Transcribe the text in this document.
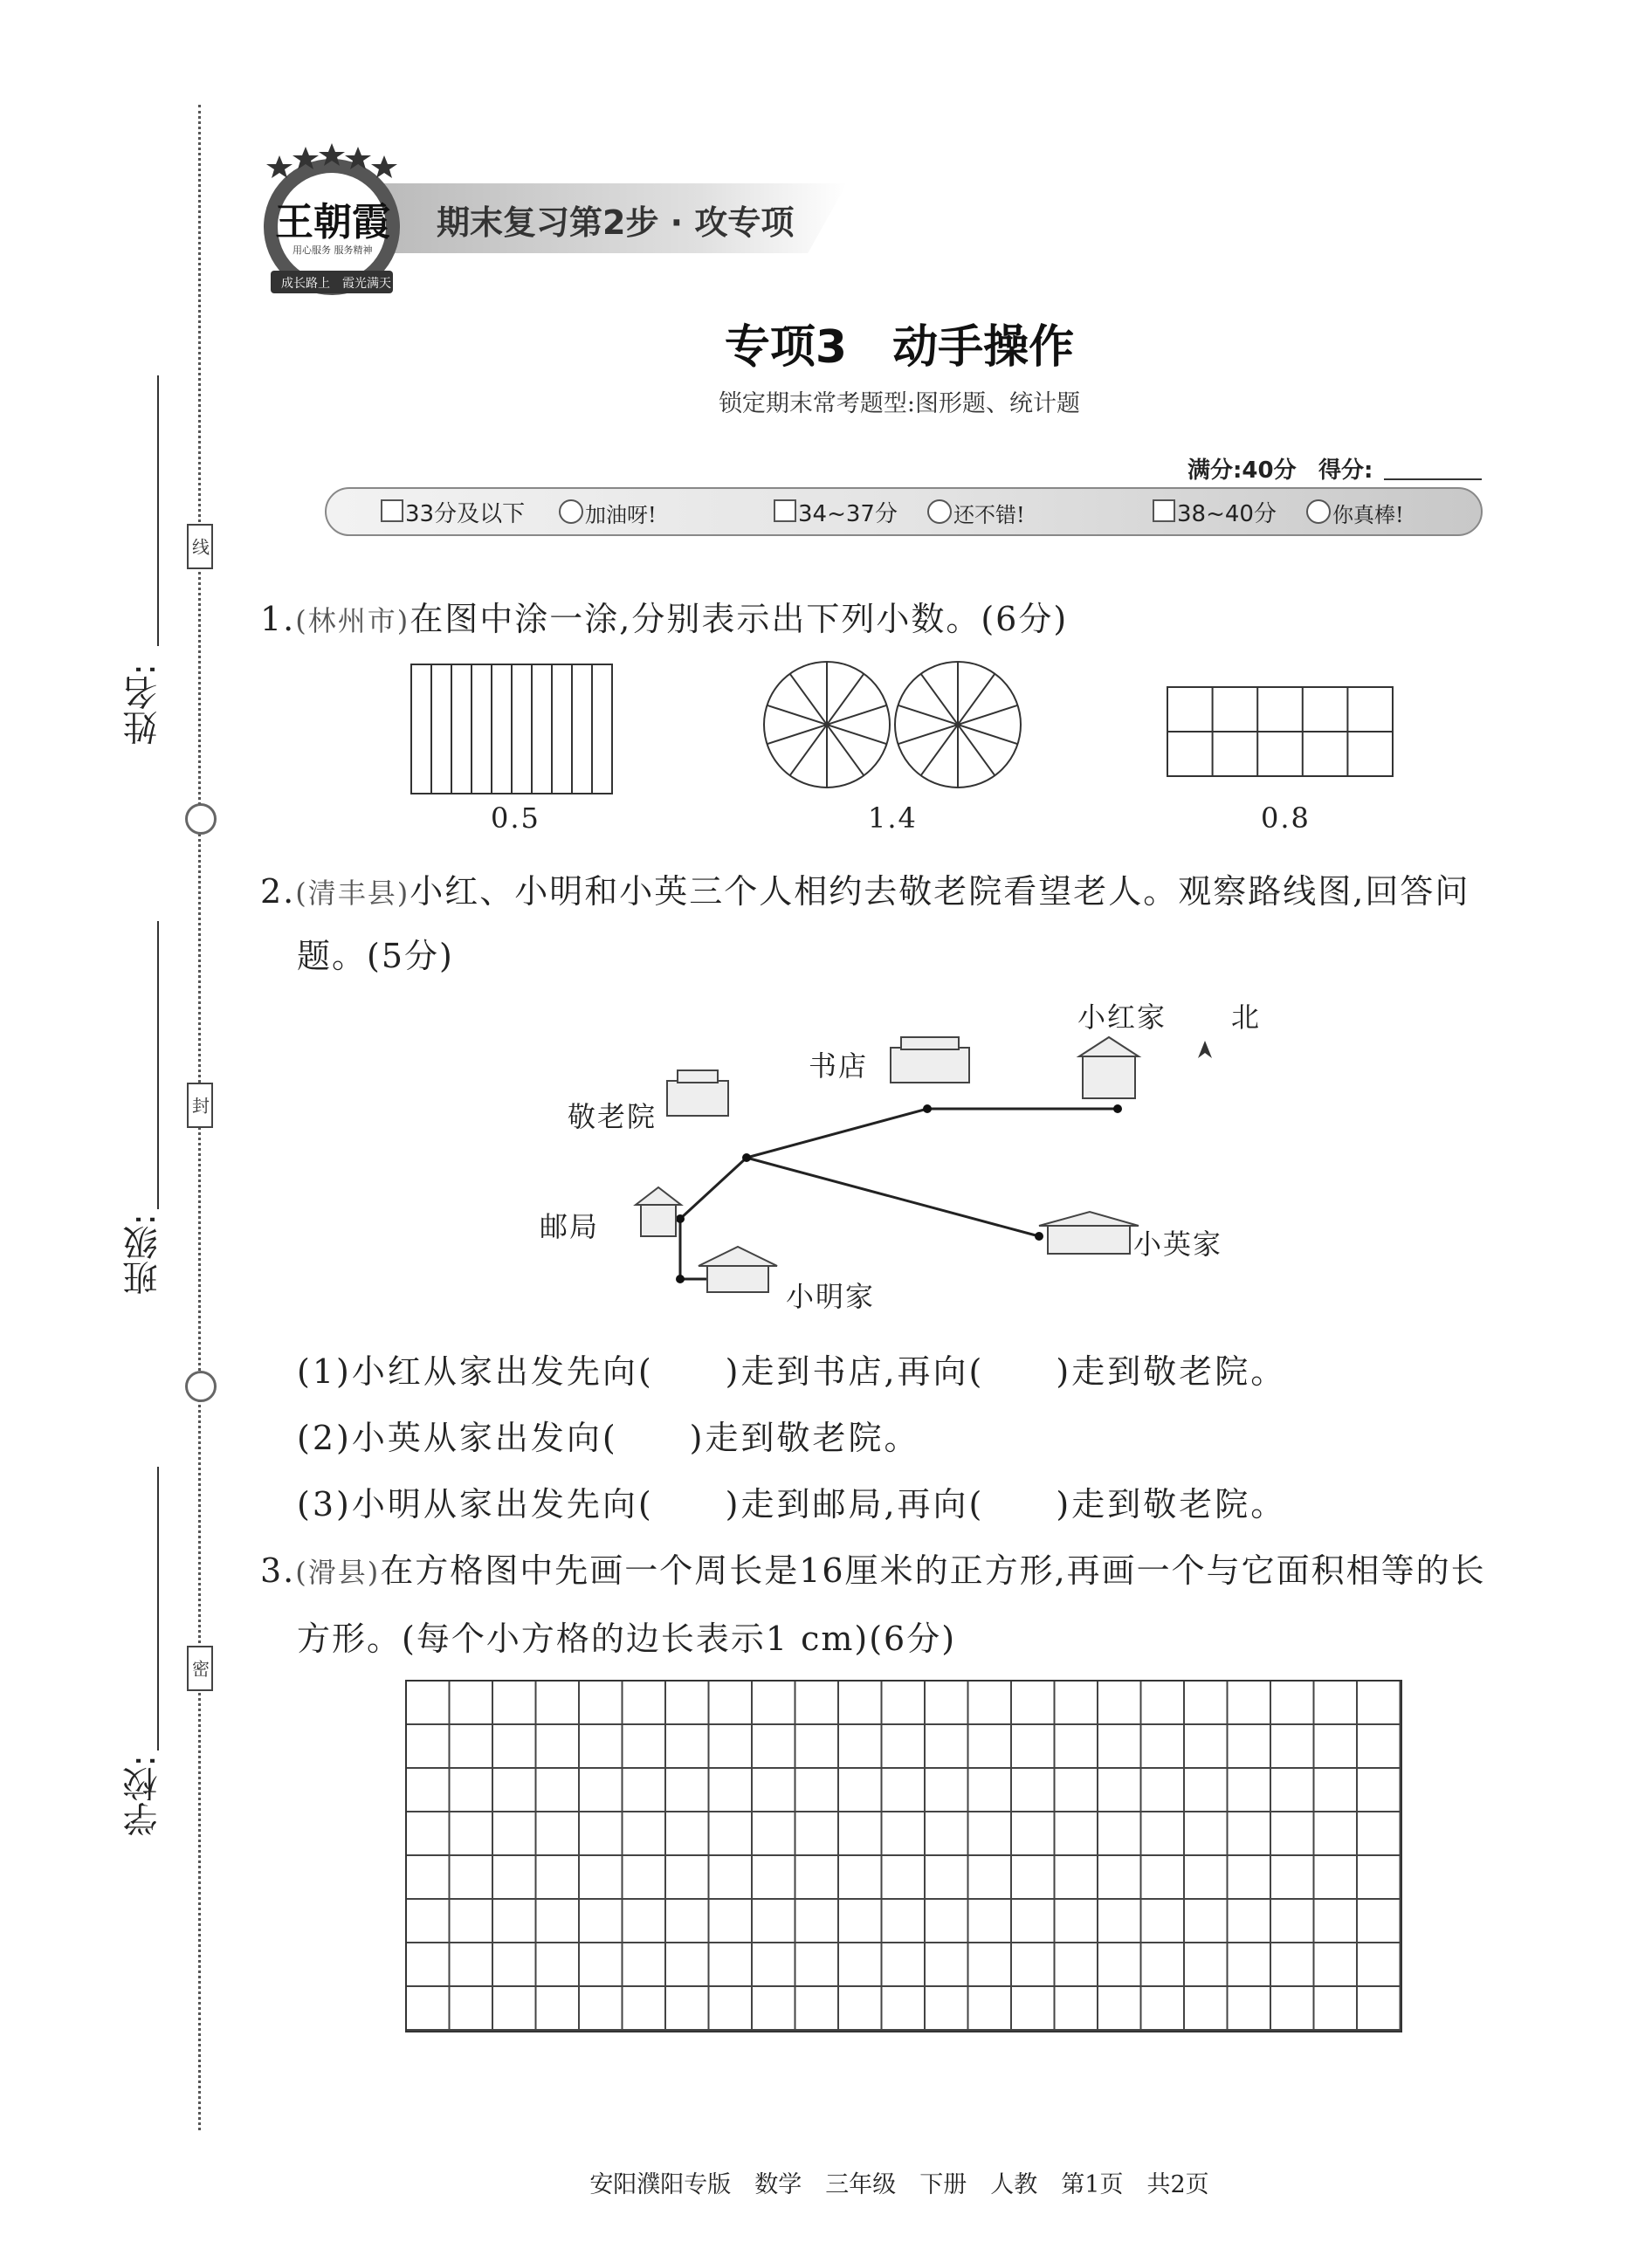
线
封
密
姓名:
班级:
学校:
期末复习第2步 · 攻专项
王朝霞
用心服务 服务精神
成长路上 霞光满天
专项3　动手操作
锁定期末常考题型:图形题、统计题
满分:40分 得分:
33分及以下	加油呀!	34~37分	还不错!	38~40分	你真棒!
1.(林州市)在图中涂一涂,分别表示出下列小数。(6分)
0.5	1.4	0.8
2.(清丰县)小红、小明和小英三个人相约去敬老院看望老人。观察路线图,回答问
题。(5分)
小红家 北
书店
敬老院
邮局
小英家
小明家
(1)小红从家出发先向(　　)走到书店,再向(　　)走到敬老院。
(2)小英从家出发向(　　)走到敬老院。
(3)小明从家出发先向(　　)走到邮局,再向(　　)走到敬老院。
3.(滑县)在方格图中先画一个周长是16厘米的正方形,再画一个与它面积相等的长
方形。(每个小方格的边长表示1 cm)(6分)
安阳濮阳专版　数学　三年级　下册　人教　第1页　共2页
